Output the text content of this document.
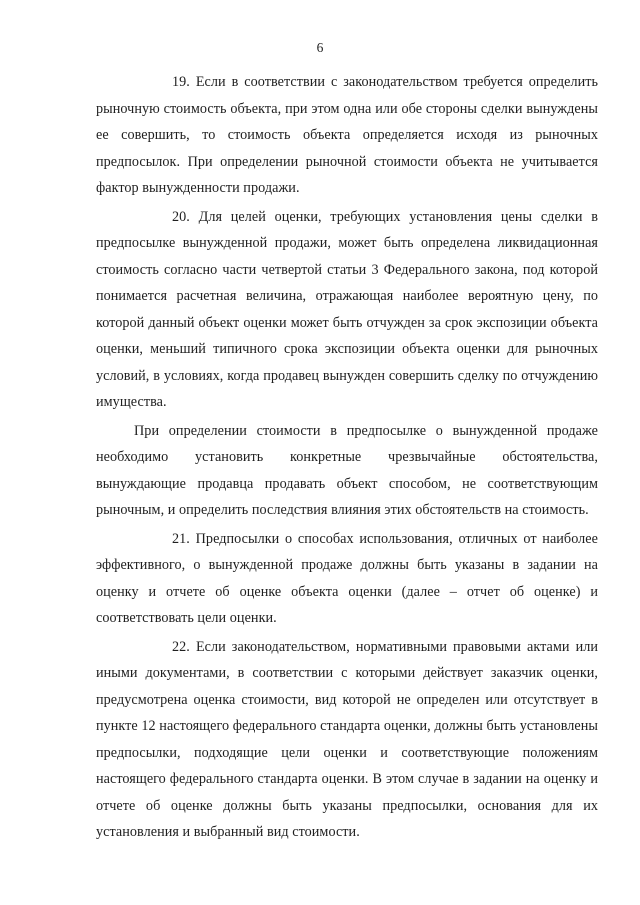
6

19. Если в соответствии с законодательством требуется определить рыночную стоимость объекта, при этом одна или обе стороны сделки вынуждены ее совершить, то стоимость объекта определяется исходя из рыночных предпосылок. При определении рыночной стоимости объекта не учитывается фактор вынужденности продажи.

20. Для целей оценки, требующих установления цены сделки в предпосылке вынужденной продажи, может быть определена ликвидационная стоимость согласно части четвертой статьи 3 Федерального закона, под которой понимается расчетная величина, отражающая наиболее вероятную цену, по которой данный объект оценки может быть отчужден за срок экспозиции объекта оценки, меньший типичного срока экспозиции объекта оценки для рыночных условий, в условиях, когда продавец вынужден совершить сделку по отчуждению имущества.

При определении стоимости в предпосылке о вынужденной продаже необходимо установить конкретные чрезвычайные обстоятельства, вынуждающие продавца продавать объект способом, не соответствующим рыночным, и определить последствия влияния этих обстоятельств на стоимость.

21. Предпосылки о способах использования, отличных от наиболее эффективного, о вынужденной продаже должны быть указаны в задании на оценку и отчете об оценке объекта оценки (далее – отчет об оценке) и соответствовать цели оценки.

22. Если законодательством, нормативными правовыми актами или иными документами, в соответствии с которыми действует заказчик оценки, предусмотрена оценка стоимости, вид которой не определен или отсутствует в пункте 12 настоящего федерального стандарта оценки, должны быть установлены предпосылки, подходящие цели оценки и соответствующие положениям настоящего федерального стандарта оценки. В этом случае в задании на оценку и отчете об оценке должны быть указаны предпосылки, основания для их установления и выбранный вид стоимости.
